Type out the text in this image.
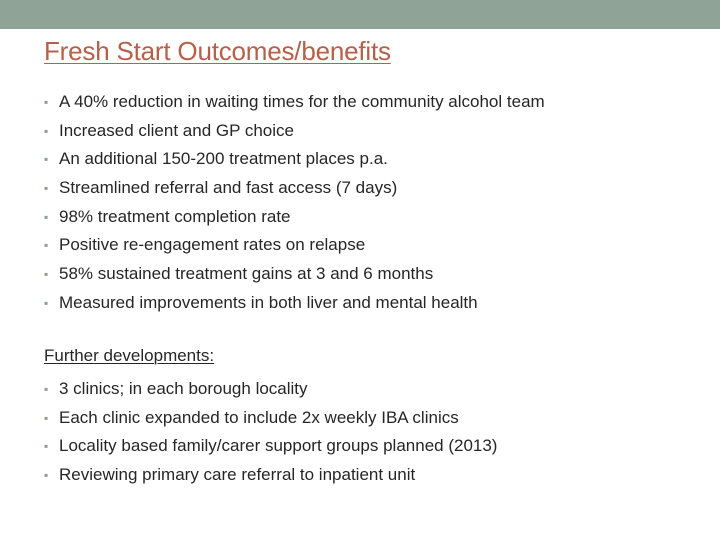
Fresh Start Outcomes/benefits
▪ A 40% reduction in waiting times for the community alcohol team
▪ Increased client and GP choice
▪ An additional 150-200 treatment places p.a.
▪ Streamlined referral and fast access (7 days)
▪ 98% treatment completion rate
▪ Positive re-engagement rates on relapse
▪ 58% sustained treatment gains at 3 and 6 months
▪ Measured improvements in both liver and mental health
Further developments:
▪ 3 clinics; in each borough locality
▪ Each clinic expanded to include 2x weekly IBA clinics
▪ Locality based family/carer support groups planned (2013)
▪ Reviewing primary care referral to inpatient unit
